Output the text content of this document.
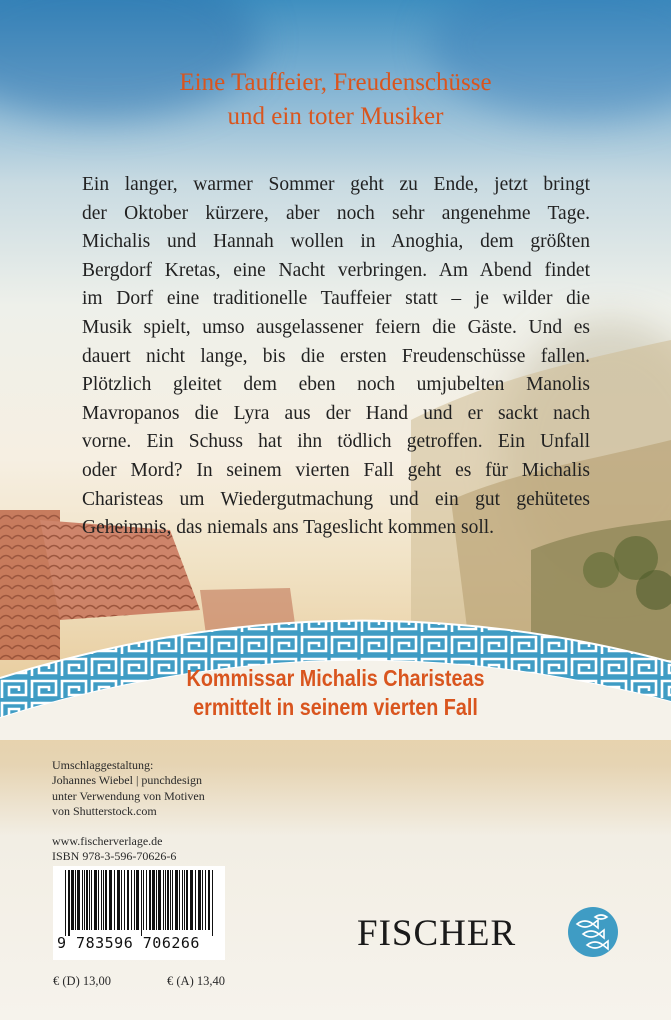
Eine Tauffeier, Freudenschüsse
und ein toter Musiker
Ein langer, warmer Sommer geht zu Ende, jetzt bringt
der Oktober kürzere, aber noch sehr angenehme Tage.
Michalis und Hannah wollen in Anoghia, dem größten
Bergdorf Kretas, eine Nacht verbringen. Am Abend findet
im Dorf eine traditionelle Tauffeier statt – je wilder die
Musik spielt, umso ausgelassener feiern die Gäste. Und es
dauert nicht lange, bis die ersten Freudenschüsse fallen.
Plötzlich gleitet dem eben noch umjubelten Manolis
Mavropanos die Lyra aus der Hand und er sackt nach
vorne. Ein Schuss hat ihn tödlich getroffen. Ein Unfall
oder Mord? In seinem vierten Fall geht es für Michalis
Charisteas um Wiedergutmachung und ein gut gehütetes
Geheimnis, das niemals ans Tageslicht kommen soll.
Kommissar Michalis Charisteas
ermittelt in seinem vierten Fall
Umschlaggestaltung:
Johannes Wiebel | punchdesign
unter Verwendung von Motiven
von Shutterstock.com
www.fischerverlage.de
ISBN 978-3-596-70626-6
9 783596 706266
€ (D) 13,00	€ (A) 13,40
FISCHER
